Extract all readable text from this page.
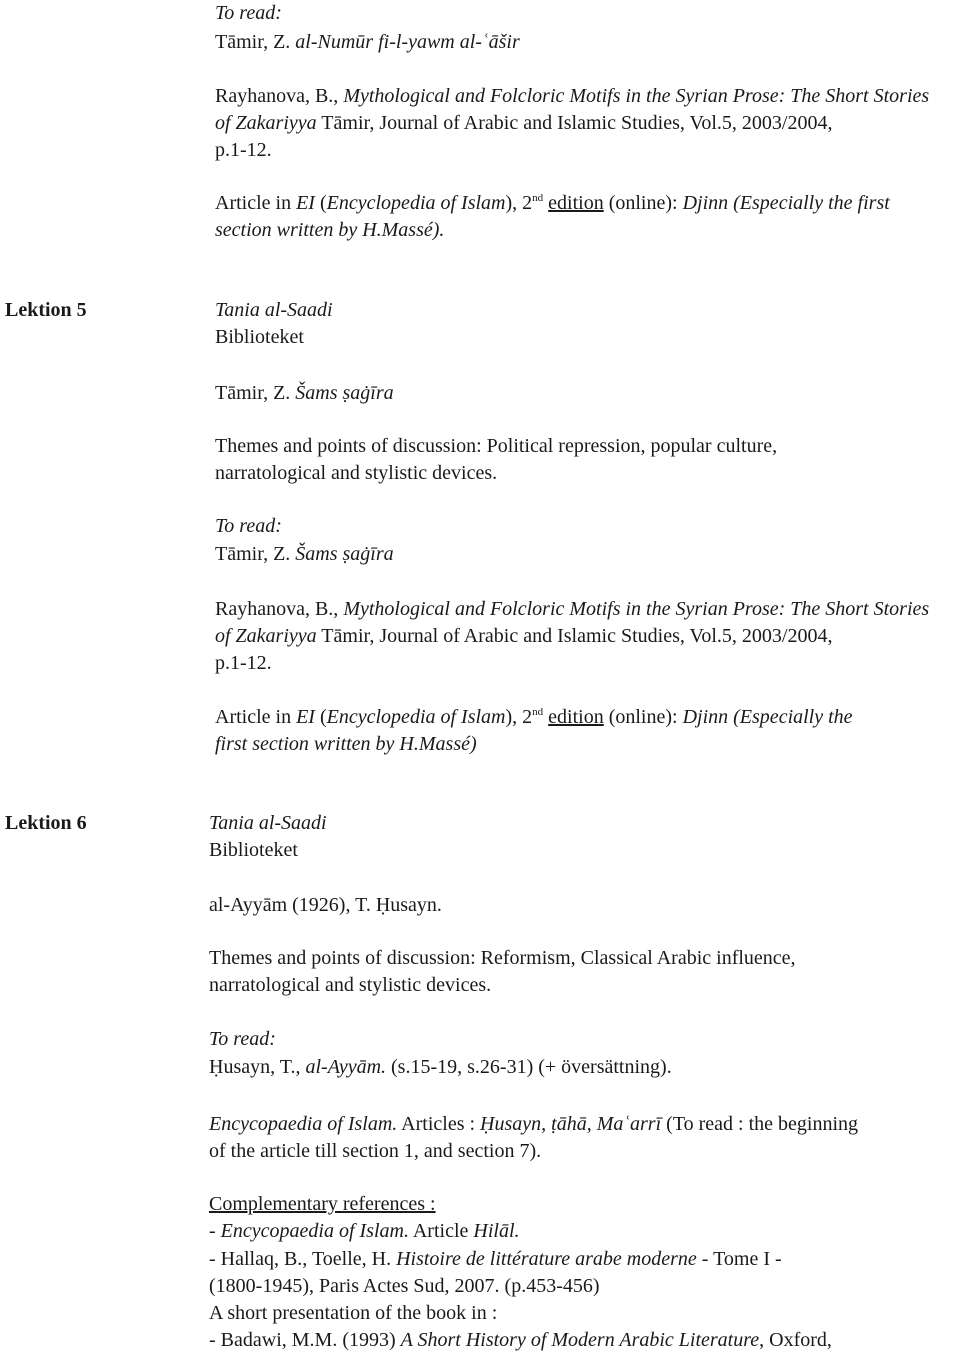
To read:
Tāmir, Z. al-Numūr fi-l-yawm al-ʿāšir
Rayhanova, B., Mythological and Folcloric Motifs in the Syrian Prose: The Short Stories
of Zakariyya Tāmir, Journal of Arabic and Islamic Studies, Vol.5, 2003/2004,
p.1-12.
Article in EI (Encyclopedia of Islam), 2nd edition (online): Djinn (Especially the first
section written by H.Massé).
Lektion 5	Tania al-Saadi
Biblioteket
Tāmir, Z. Šams ṣaġīra
Themes and points of discussion: Political repression, popular culture,
narratological and stylistic devices.
To read:
Tāmir, Z. Šams ṣaġīra
Rayhanova, B., Mythological and Folcloric Motifs in the Syrian Prose: The Short Stories
of Zakariyya Tāmir, Journal of Arabic and Islamic Studies, Vol.5, 2003/2004,
p.1-12.
Article in EI (Encyclopedia of Islam), 2nd edition (online): Djinn (Especially the
first section written by H.Massé)
Lektion 6	Tania al-Saadi
Biblioteket
al-Ayyām (1926), T. Ḥusayn.
Themes and points of discussion: Reformism, Classical Arabic influence,
narratological and stylistic devices.
To read:
Ḥusayn, T., al-Ayyām. (s.15-19, s.26-31) (+ översättning).
Encycopaedia of Islam. Articles : Ḥusayn, ṭāhā, Maʿarrī (To read : the beginning
of the article till section 1, and section 7).
Complementary references :
- Encycopaedia of Islam. Article Hilāl.
- Hallaq, B., Toelle, H. Histoire de littérature arabe moderne - Tome I -
(1800-1945), Paris Actes Sud, 2007. (p.453-456)
A short presentation of the book in :
- Badawi, M.M. (1993) A Short History of Modern Arabic Literature, Oxford,
